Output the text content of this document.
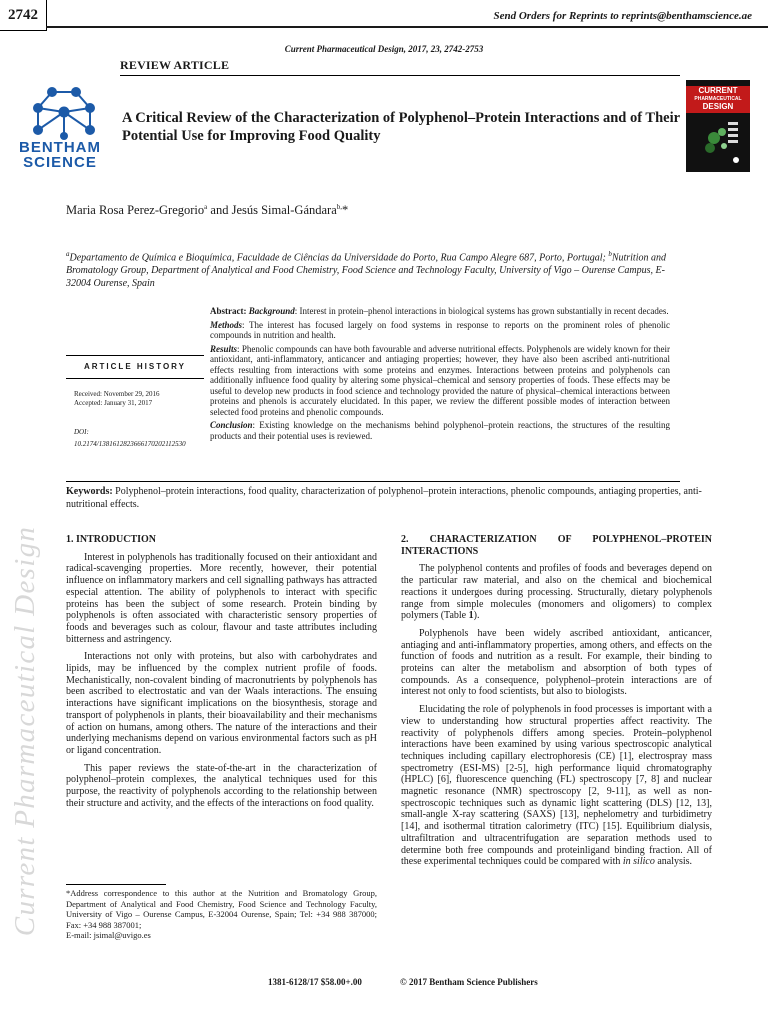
2742	Send Orders for Reprints to reprints@benthamscience.ae
Current Pharmaceutical Design, 2017, 23, 2742-2753
REVIEW ARTICLE
BENTHAM
SCIENCE
A Critical Review of the Characterization of Polyphenol–Protein Interactions and of Their Potential Use for Improving Food Quality
CURRENT
PHARMACEUTICAL
DESIGN
Maria Rosa Perez-Gregorio$^a$ and Jesús Simal-Gándara$^{b,}$*
$^a$Departamento de Química e Bioquímica, Faculdade de Ciências da Universidade do Porto, Rua Campo Alegre 687, Porto, Portugal; $^b$Nutrition and Bromatology Group, Department of Analytical and Food Chemistry, Food Science and Technology Faculty, University of Vigo – Ourense Campus, E-32004 Ourense, Spain
ARTICLE HISTORY
Received: November 29, 2016
Accepted: January 31, 2017
DOI:
10.2174/1381612823666170202112530

Abstract: Background: Interest in protein–phenol interactions in biological systems has grown substantially in recent decades.

Methods: The interest has focused largely on food systems in response to reports on the prominent roles of phenolic compounds in nutrition and health.

Results: Phenolic compounds can have both favourable and adverse nutritional effects. Polyphenols are widely known for their antioxidant, anti-inflammatory, anticancer and antiaging properties; however, they have also been ascribed anti-nutritional effects resulting from interactions with some proteins and enzymes. Interactions between proteins and polyphenols can additionally influence food quality by altering some physical–chemical and sensory properties of foods. These effects may be useful to develop new products in food science and technology provided the nature of physical–chemical interactions between proteins and phenols is accurately elucidated. In this paper, we review the different possible modes of interaction between selected food proteins and phenolic compounds.

Conclusion: Existing knowledge on the mechanisms behind polyphenol–protein reactions, the structures of the resulting products and their potential uses is reviewed.

Keywords: Polyphenol–protein interactions, food quality, characterization of polyphenol–protein interactions, phenolic compounds, antiaging properties, anti-nutritional effects.
1. INTRODUCTION

Interest in polyphenols has traditionally focused on their antioxidant and radical-scavenging properties. More recently, however, their potential influence on inflammatory markers and cell signalling pathways has attracted especial attention. The ability of polyphenols to interact with specific proteins has been the subject of some research. Protein binding by polyphenols is often associated with characteristic sensory properties of foods and beverages such as colour, flavour and taste attributes including bitterness and astringency.

Interactions not only with proteins, but also with carbohydrates and lipids, may be influenced by the complex nutrient profile of foods. Mechanistically, non-covalent binding of macronutrients by polyphenols has been ascribed to electrostatic and van der Waals interactions. The ensuing interactions have significant implications on the biosynthesis, storage and transport of polyphenols in plants, their bioavailability and their mechanisms of action on humans, among others. The nature of the interactions and their underlying mechanisms depend on various environmental factors such as pH or ligand concentration.

This paper reviews the state-of-the-art in the characterization of polyphenol–protein complexes, the analytical techniques used for this purpose, the reactivity of polyphenols according to the relationship between their structure and activity, and the effects of the interactions on food quality.

2. CHARACTERIZATION OF POLYPHENOL–PROTEIN INTERACTIONS

The polyphenol contents and profiles of foods and beverages depend on the particular raw material, and also on the chemical and biochemical reactions it undergoes during processing. Structurally, dietary polyphenols range from simple molecules (monomers and oligomers) to complex polymers (Table 1).

Polyphenols have been widely ascribed antioxidant, anticancer, antiaging and anti-inflammatory properties, among others, and effects on the function of foods and nutrition as a result. For example, their binding to proteins can alter the metabolism and absorption of both types of compounds. As a consequence, polyphenol–protein interactions are of interest not only to food scientists, but also to biologists.

Elucidating the role of polyphenols in food processes is important with a view to understanding how structural properties affect reactivity. The reactivity of polyphenols differs among species. Protein–polyphenol interactions have been examined by using various spectroscopic analytical techniques including capillary electrophoresis (CE) [1], electrospray mass spectrometry (ESI-MS) [2-5], high performance liquid chromatography (HPLC) [6], fluorescence quenching (FL) spectroscopy [7, 8] and nuclear magnetic resonance (NMR) spectroscopy [2, 9-11], as well as non-spectroscopic techniques such as dynamic light scattering (DLS) [12, 13], small-angle X-ray scattering (SAXS) [13], nephelometry and turbidimetry [14], and isothermal titration calorimetry (ITC) [15]. Equilibrium dialysis, ultrafiltration and ultracentrifugation are separation methods used to determine both free compounds and proteinligand binding fraction. All of these experimental techniques could be compared with in silico analysis.

*Address correspondence to this author at the Nutrition and Bromatology Group, Department of Analytical and Food Chemistry, Food Science and Technology Faculty, University of Vigo – Ourense Campus, E-32004 Ourense, Spain; Tel: +34 988 387000; Fax: +34 988 387001;
E-mail: jsimal@uvigo.es
1381-6128/17 $58.00+.00	© 2017 Bentham Science Publishers
Current Pharmaceutical Design
